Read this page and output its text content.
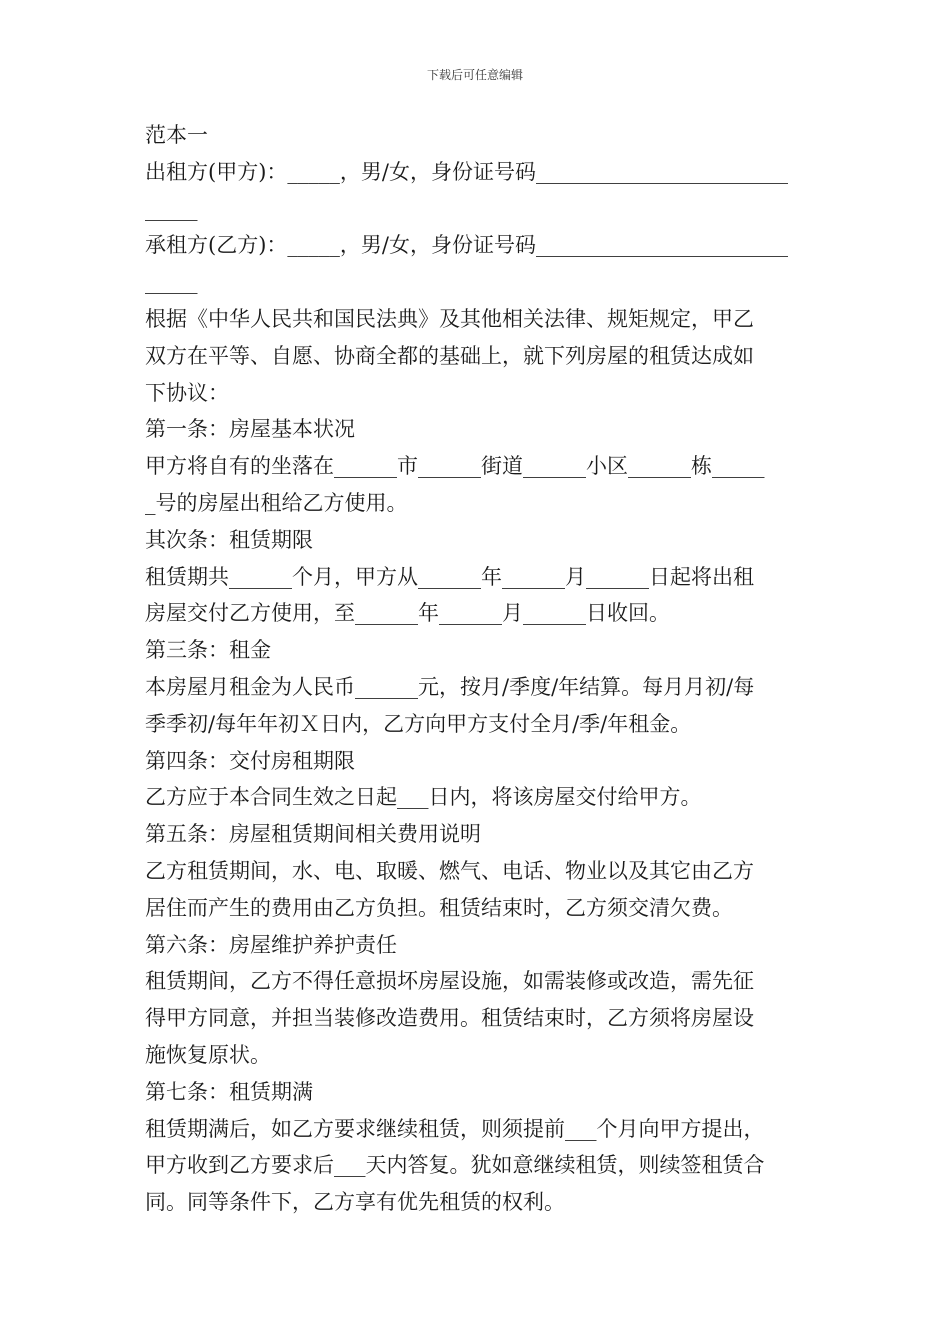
下载后可任意编辑
范本一
出租方(甲方)：_____，男/女，身份证号码________________________
_____
承租方(乙方)：_____，男/女，身份证号码________________________
_____
根据《中华人民共和国民法典》及其他相关法律、规矩规定，甲乙
双方在平等、自愿、协商全都的基础上，就下列房屋的租赁达成如
下协议：
第一条：房屋基本状况
甲方将自有的坐落在______市______街道______小区______栋_____
_号的房屋出租给乙方使用。
其次条：租赁期限
租赁期共______个月，甲方从______年______月______日起将出租
房屋交付乙方使用，至______年______月______日收回。
第三条：租金
本房屋月租金为人民币______元，按月/季度/年结算。每月月初/每
季季初/每年年初Ｘ日内，乙方向甲方支付全月/季/年租金。
第四条：交付房租期限
乙方应于本合同生效之日起___日内，将该房屋交付给甲方。
第五条：房屋租赁期间相关费用说明
乙方租赁期间，水、电、取暖、燃气、电话、物业以及其它由乙方
居住而产生的费用由乙方负担。租赁结束时，乙方须交清欠费。
第六条：房屋维护养护责任
租赁期间，乙方不得任意损坏房屋设施，如需装修或改造，需先征
得甲方同意，并担当装修改造费用。租赁结束时，乙方须将房屋设
施恢复原状。
第七条：租赁期满
租赁期满后，如乙方要求继续租赁，则须提前___个月向甲方提出，
甲方收到乙方要求后___天内答复。犹如意继续租赁，则续签租赁合
同。同等条件下，乙方享有优先租赁的权利。
